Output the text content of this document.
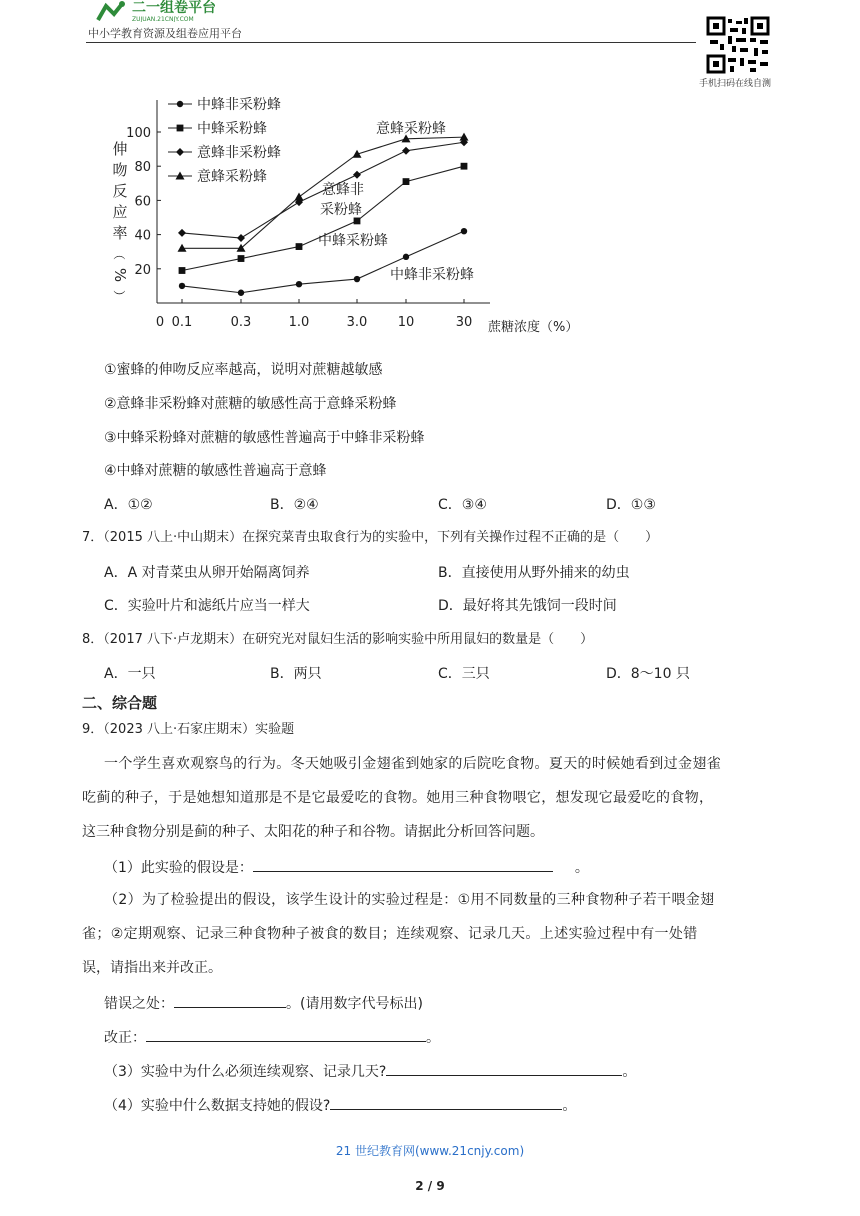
二一组卷平台
ZUJUAN.21CNJY.COM
中小学教育资源及组卷应用平台
手机扫码在线自测
中蜂非采粉蜂
中蜂采粉蜂
意蜂非采粉蜂
意蜂采粉蜂
伸
吻
反
应
率
（
%
）
20
40
60
80
100
0 0.1	0.3	1.0	3.0 10	30 蔗糖浓度（%）
意蜂采粉蜂
意蜂非
采粉蜂
中蜂采粉蜂
中蜂非采粉蜂
①蜜蜂的伸吻反应率越高，说明对蔗糖越敏感
②意蜂非采粉蜂对蔗糖的敏感性高于意蜂采粉蜂
③中蜂采粉蜂对蔗糖的敏感性普遍高于中蜂非采粉蜂
④中蜂对蔗糖的敏感性普遍高于意蜂
A．①②	B．②④	C．③④	D．①③
7．（2015 八上·中山期末）在探究菜青虫取食行为的实验中，下列有关操作过程不正确的是（　　）
A．A 对青菜虫从卵开始隔离饲养	B．直接使用从野外捕来的幼虫
C．实验叶片和滤纸片应当一样大	D．最好将其先饿饲一段时间
8．（2017 八下·卢龙期末）在研究光对鼠妇生活的影响实验中所用鼠妇的数量是（　　）
A．一只	B．两只	C．三只	D．8～10 只
二、综合题
9．（2023 八上·石家庄期末）实验题
一个学生喜欢观察鸟的行为。冬天她吸引金翅雀到她家的后院吃食物。夏天的时候她看到过金翅雀
吃蓟的种子，于是她想知道那是不是它最爱吃的食物。她用三种食物喂它，想发现它最爱吃的食物，
这三种食物分别是蓟的种子、太阳花的种子和谷物。请据此分析回答问题。
（1）此实验的假设是：	。
（2）为了检验提出的假设，该学生设计的实验过程是：①用不同数量的三种食物种子若干喂金翅
雀；②定期观察、记录三种食物种子被食的数目；连续观察、记录几天。上述实验过程中有一处错
误，请指出来并改正。
错误之处：	。(请用数字代号标出)
改正：	。
（3）实验中为什么必须连续观察、记录几天?	。
（4）实验中什么数据支持她的假设?	。
21 世纪教育网(www.21cnjy.com)
2 / 9
